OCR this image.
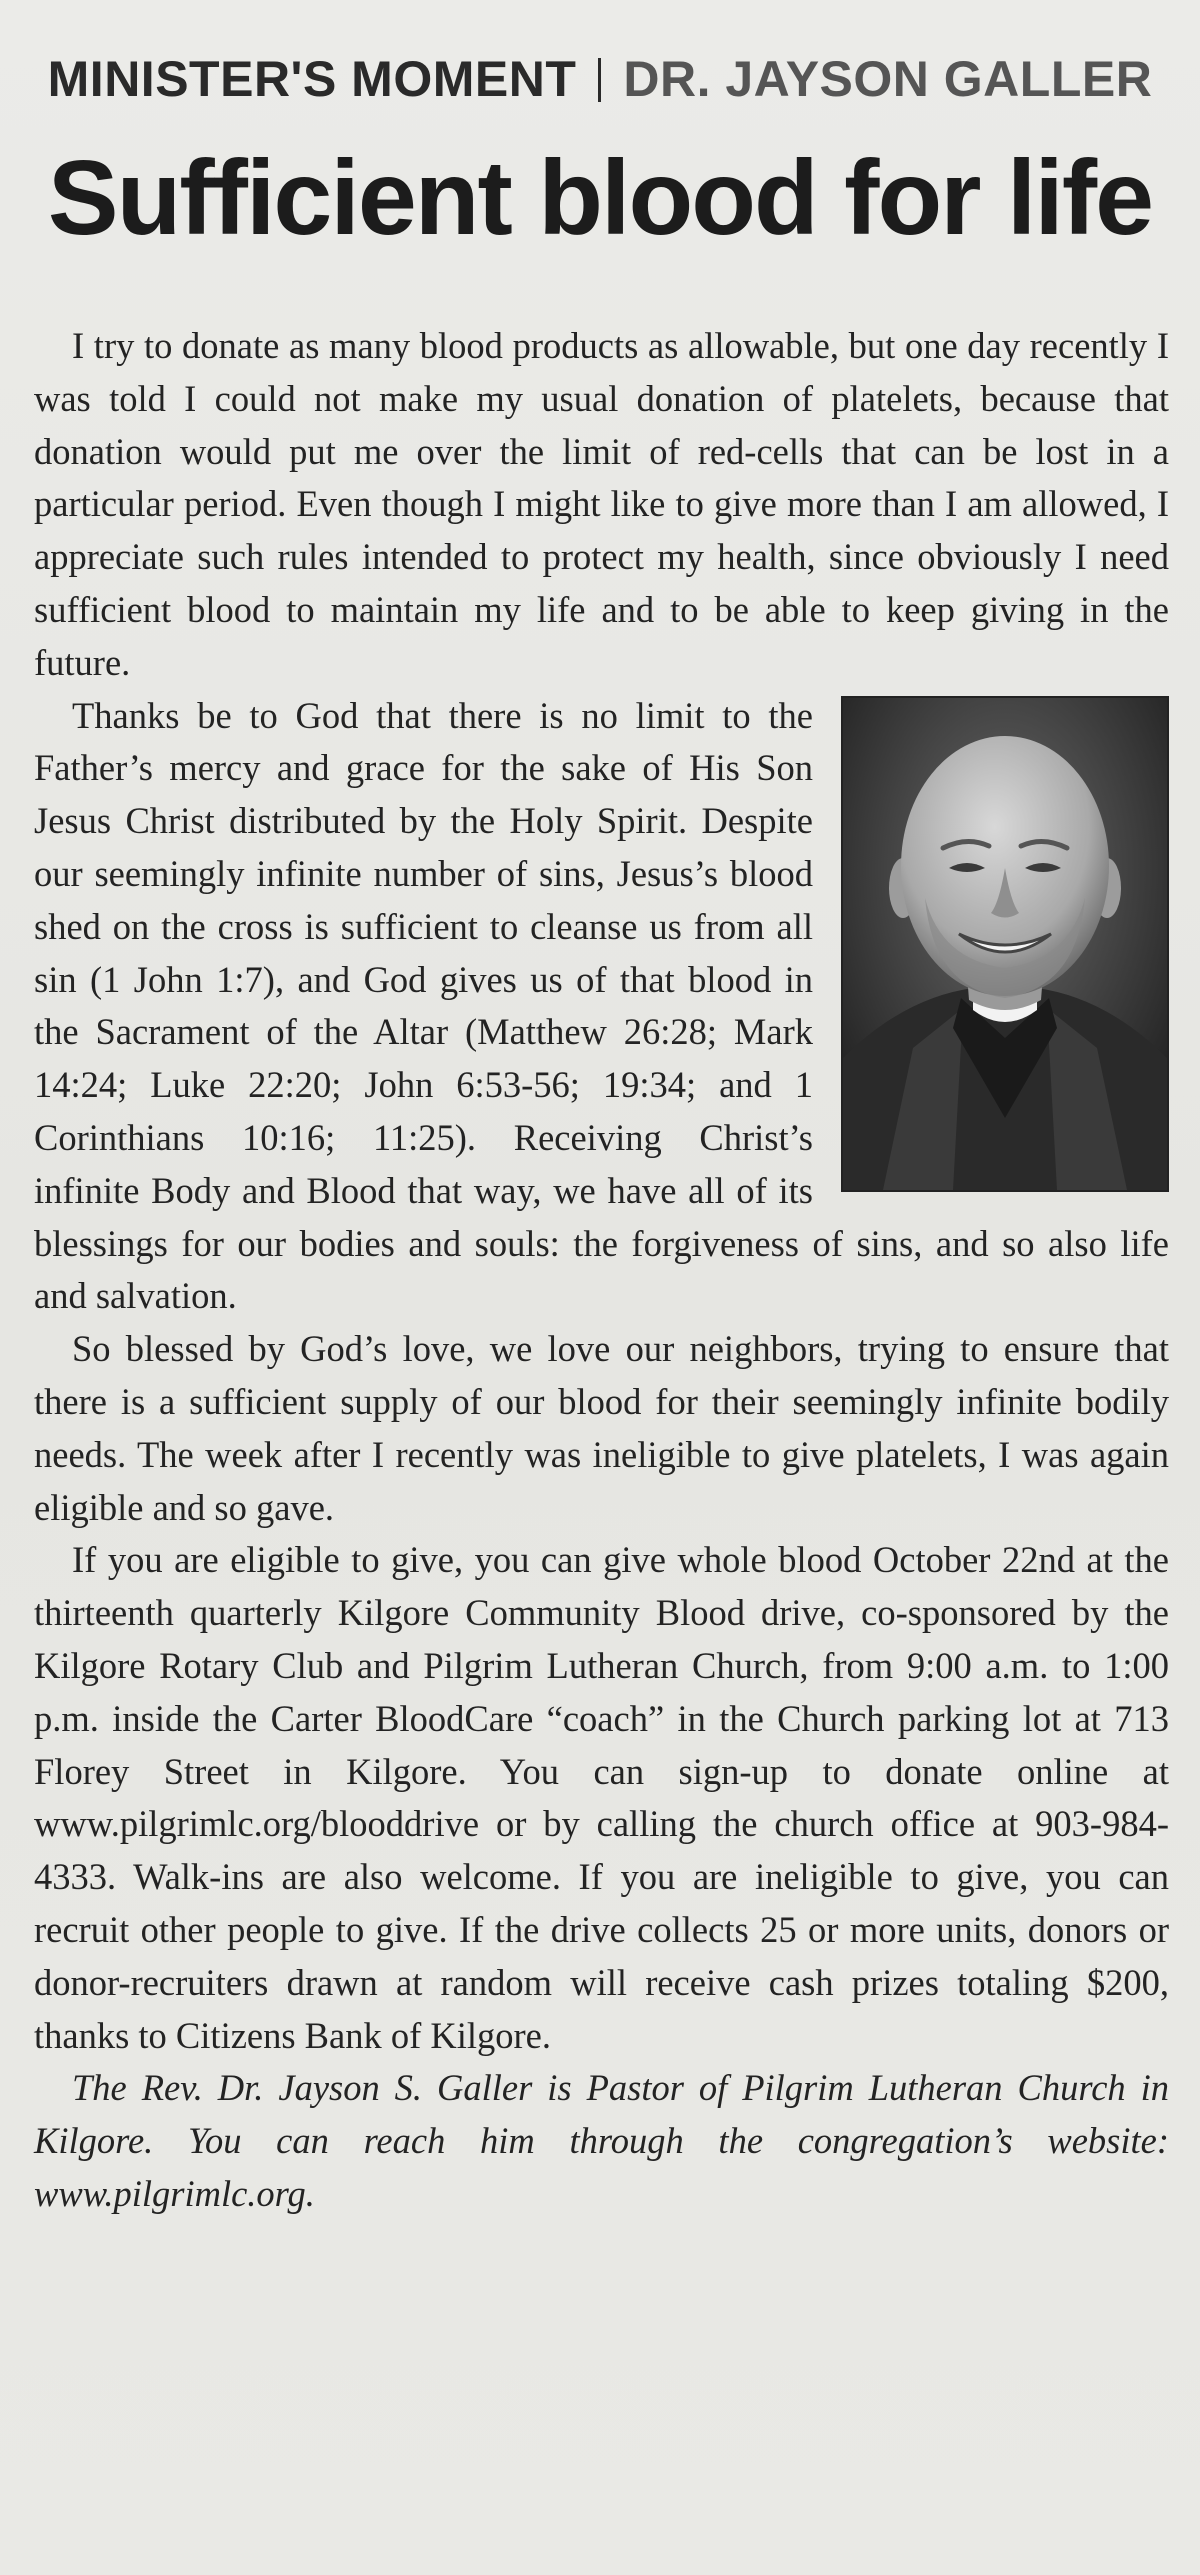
MINISTER'S MOMENT DR. JAYSON GALLER
Sufficient blood for life

I try to donate as many blood products as allowable, but one day recently I was told I could not make my usual donation of platelets, because that donation would put me over the limit of red-cells that can be lost in a particular period. Even though I might like to give more than I am allowed, I appreciate such rules intended to protect my health, since obviously I need sufficient blood to maintain my life and to be able to keep giving in the future.

Thanks be to God that there is no limit to the Father’s mercy and grace for the sake of His Son Jesus Christ distributed by the Holy Spirit. Despite our seemingly infinite number of sins, Jesus’s blood shed on the cross is sufficient to cleanse us from all sin (1 John 1:7), and God gives us of that blood in the Sacrament of the Altar (Matthew 26:28; Mark 14:24; Luke 22:20; John 6:53-56; 19:34; and 1 Corinthians 10:16; 11:25). Receiving Christ’s infinite Body and Blood that way, we have all of its blessings for our bodies and souls: the forgiveness of sins, and so also life and salvation.

So blessed by God’s love, we love our neighbors, trying to ensure that there is a sufficient supply of our blood for their seemingly infinite bodily needs. The week after I recently was ineligible to give platelets, I was again eligible and so gave.

If you are eligible to give, you can give whole blood October 22nd at the thirteenth quarterly Kilgore Community Blood drive, co-sponsored by the Kilgore Rotary Club and Pilgrim Lutheran Church, from 9:00 a.m. to 1:00 p.m. inside the Carter BloodCare “coach” in the Church parking lot at 713 Florey Street in Kilgore. You can sign-up to donate online at www.pilgrimlc.org/blooddrive or by calling the church office at 903-984-4333. Walk-ins are also welcome. If you are ineligible to give, you can recruit other people to give. If the drive collects 25 or more units, donors or donor-recruiters drawn at random will receive cash prizes totaling $200, thanks to Citizens Bank of Kilgore.

The Rev. Dr. Jayson S. Galler is Pastor of Pilgrim Lutheran Church in Kilgore. You can reach him through the congregation’s website: www.pilgrimlc.org.
